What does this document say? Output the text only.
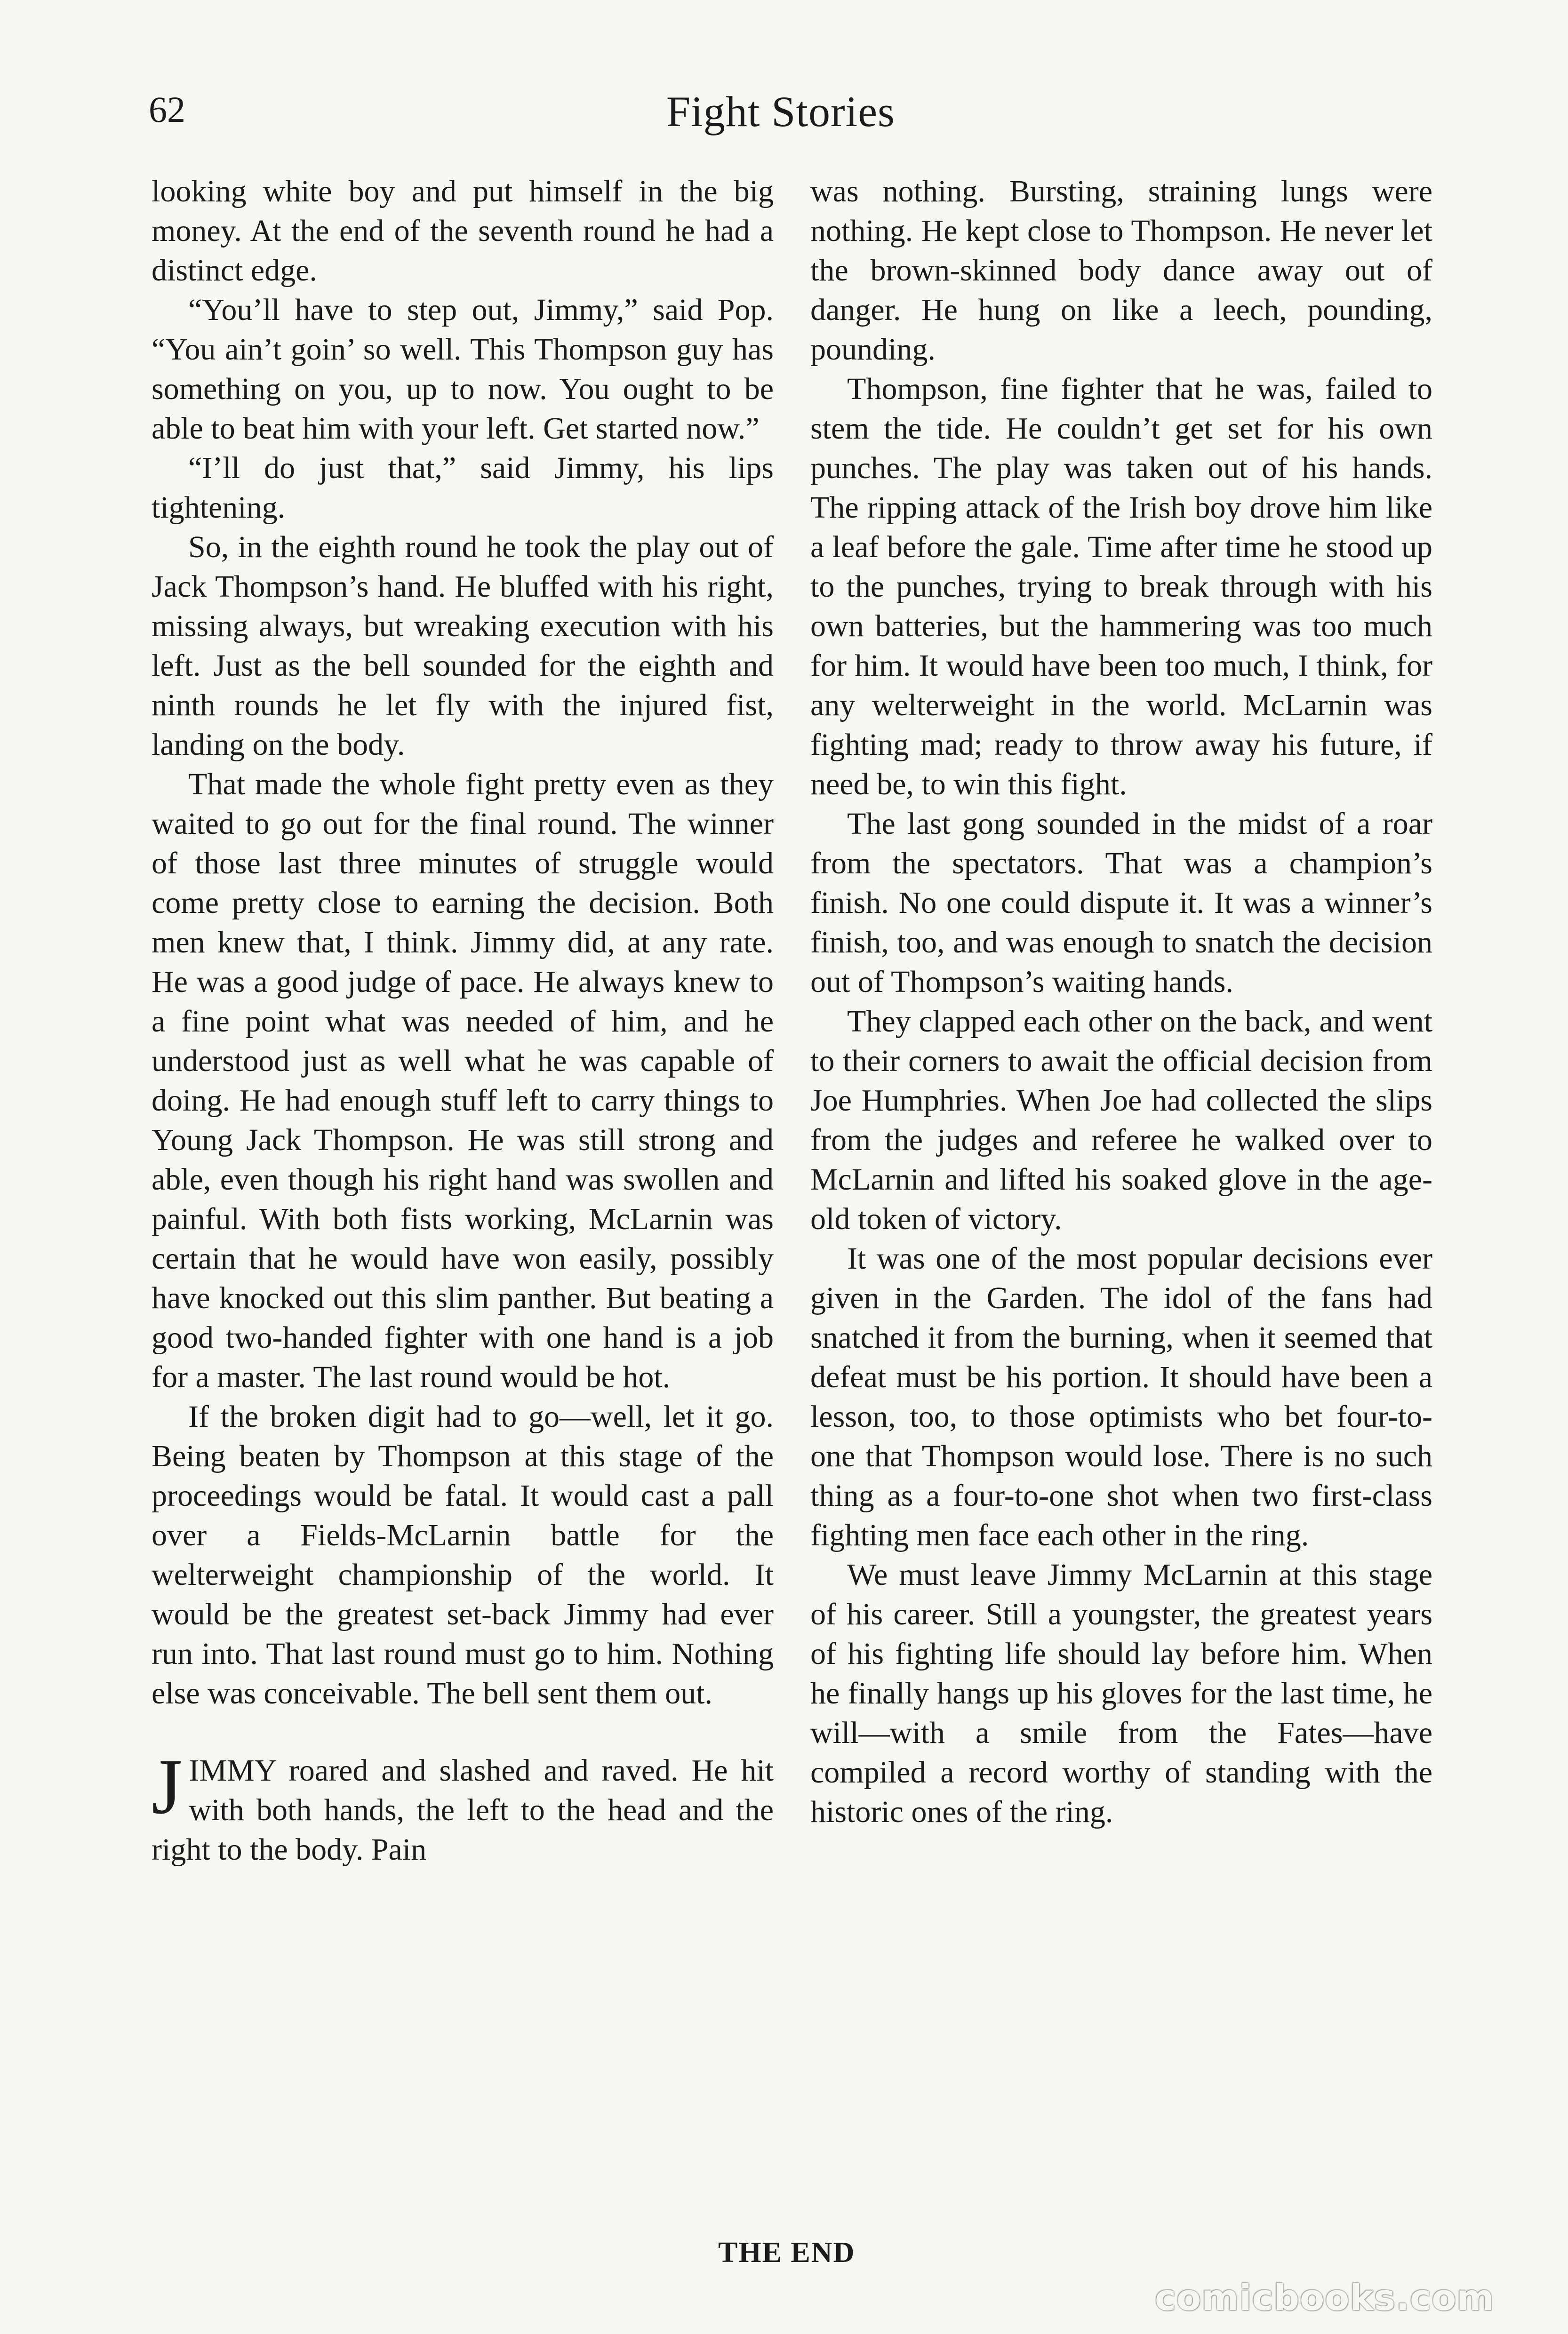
62	Fight Stories

looking white boy and put himself in the big money. At the end of the seventh round he had a distinct edge.

“You’ll have to step out, Jimmy,” said Pop. “You ain’t goin’ so well. This Thompson guy has something on you, up to now. You ought to be able to beat him with your left. Get started now.”

“I’ll do just that,” said Jimmy, his lips tightening.

So, in the eighth round he took the play out of Jack Thompson’s hand. He bluffed with his right, missing always, but wreaking execution with his left. Just as the bell sounded for the eighth and ninth rounds he let fly with the injured fist, landing on the body.

That made the whole fight pretty even as they waited to go out for the final round. The winner of those last three minutes of struggle would come pretty close to earning the decision. Both men knew that, I think. Jimmy did, at any rate. He was a good judge of pace. He always knew to a fine point what was needed of him, and he understood just as well what he was capable of doing. He had enough stuff left to carry things to Young Jack Thompson. He was still strong and able, even though his right hand was swollen and painful. With both fists working, McLarnin was certain that he would have won easily, possibly have knocked out this slim panther. But beating a good two-handed fighter with one hand is a job for a master. The last round would be hot.

If the broken digit had to go—well, let it go. Being beaten by Thompson at this stage of the proceedings would be fatal. It would cast a pall over a Fields-McLarnin battle for the welterweight championship of the world. It would be the greatest set-back Jimmy had ever run into. That last round must go to him. Nothing else was conceivable. The bell sent them out.

JIMMY roared and slashed and raved. He hit with both hands, the left to the head and the right to the body. Pain

was nothing. Bursting, straining lungs were nothing. He kept close to Thompson. He never let the brown-skinned body dance away out of danger. He hung on like a leech, pounding, pounding.

Thompson, fine fighter that he was, failed to stem the tide. He couldn’t get set for his own punches. The play was taken out of his hands. The ripping attack of the Irish boy drove him like a leaf before the gale. Time after time he stood up to the punches, trying to break through with his own batteries, but the hammering was too much for him. It would have been too much, I think, for any welterweight in the world. McLarnin was fighting mad; ready to throw away his future, if need be, to win this fight.

The last gong sounded in the midst of a roar from the spectators. That was a champion’s finish. No one could dispute it. It was a winner’s finish, too, and was enough to snatch the decision out of Thompson’s waiting hands.

They clapped each other on the back, and went to their corners to await the official decision from Joe Humphries. When Joe had collected the slips from the judges and referee he walked over to McLarnin and lifted his soaked glove in the age-old token of victory.

It was one of the most popular decisions ever given in the Garden. The idol of the fans had snatched it from the burning, when it seemed that defeat must be his portion. It should have been a lesson, too, to those optimists who bet four-to-one that Thompson would lose. There is no such thing as a four-to-one shot when two first-class fighting men face each other in the ring.

We must leave Jimmy McLarnin at this stage of his career. Still a youngster, the greatest years of his fighting life should lay before him. When he finally hangs up his gloves for the last time, he will—with a smile from the Fates—have compiled a record worthy of standing with the historic ones of the ring.

THE END
comicbooks.com
